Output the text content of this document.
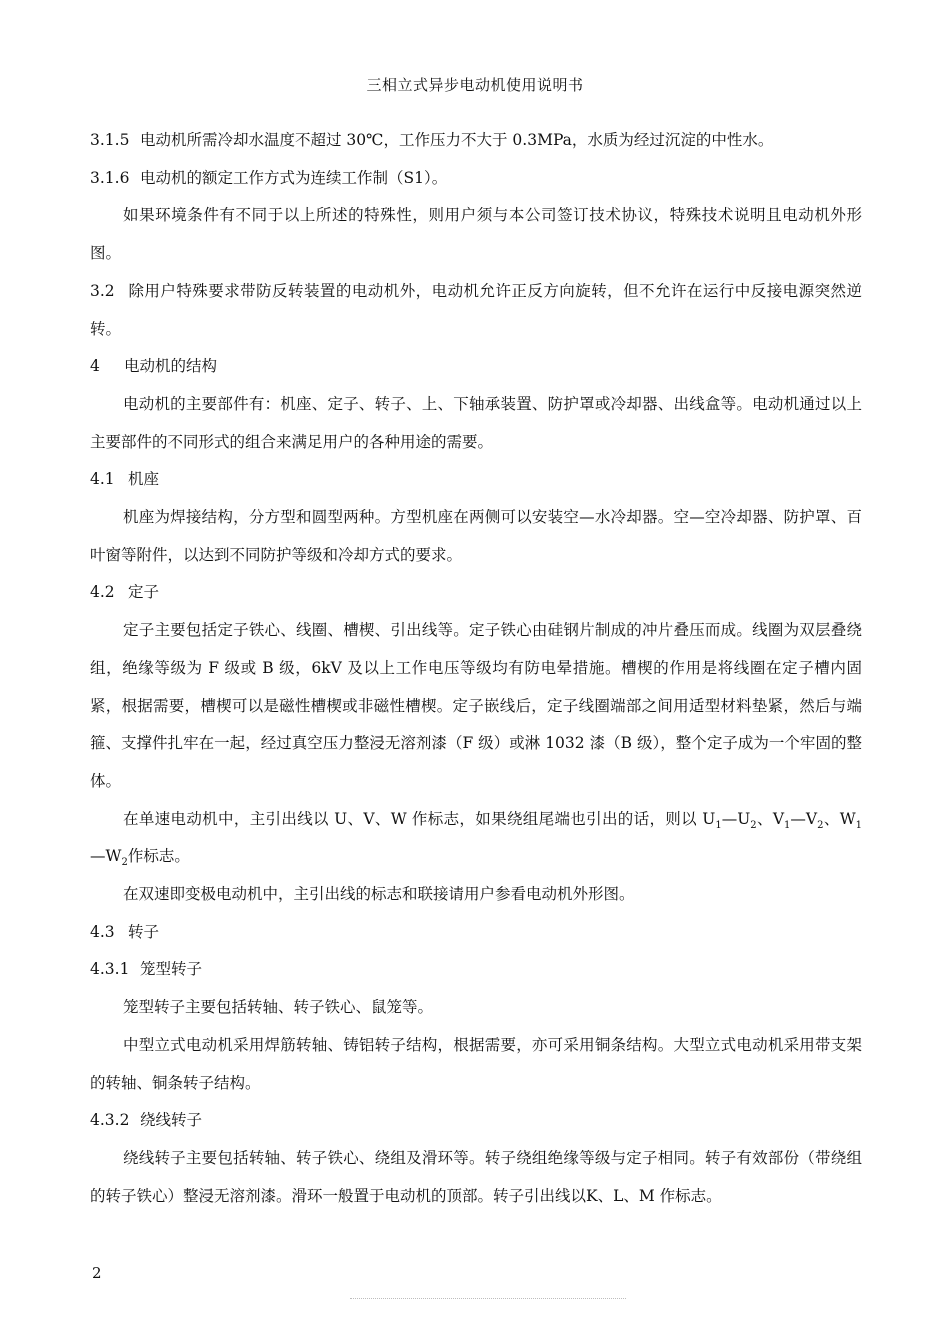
三相立式异步电动机使用说明书

3.1.5 电动机所需冷却水温度不超过 30℃，工作压力不大于 0.3MPa，水质为经过沉淀的中性水。

3.1.6 电动机的额定工作方式为连续工作制（S1）。

如果环境条件有不同于以上所述的特殊性，则用户须与本公司签订技术协议，特殊技术说明且电动机外形图。

3.2 除用户特殊要求带防反转装置的电动机外，电动机允许正反方向旋转，但不允许在运行中反接电源突然逆转。

4 电动机的结构

电动机的主要部件有：机座、定子、转子、上、下轴承装置、防护罩或冷却器、出线盒等。电动机通过以上主要部件的不同形式的组合来满足用户的各种用途的需要。

4.1 机座

机座为焊接结构，分方型和圆型两种。方型机座在两侧可以安装空—水冷却器。空—空冷却器、防护罩、百叶窗等附件，以达到不同防护等级和冷却方式的要求。

4.2 定子

定子主要包括定子铁心、线圈、槽楔、引出线等。定子铁心由硅钢片制成的冲片叠压而成。线圈为双层叠绕组，绝缘等级为 F 级或 B 级，6kV 及以上工作电压等级均有防电晕措施。槽楔的作用是将线圈在定子槽内固紧，根据需要，槽楔可以是磁性槽楔或非磁性槽楔。定子嵌线后，定子线圈端部之间用适型材料垫紧，然后与端箍、支撑件扎牢在一起，经过真空压力整浸无溶剂漆（F 级）或淋 1032 漆（B 级），整个定子成为一个牢固的整体。

在单速电动机中，主引出线以 U、V、W 作标志，如果绕组尾端也引出的话，则以 $U_1—U_2$、$V_1—V_2$、$W_1—W_2$作标志。

在双速即变极电动机中，主引出线的标志和联接请用户参看电动机外形图。

4.3 转子

4.3.1 笼型转子

笼型转子主要包括转轴、转子铁心、鼠笼等。

中型立式电动机采用焊筋转轴、铸铝转子结构，根据需要，亦可采用铜条结构。大型立式电动机采用带支架的转轴、铜条转子结构。

4.3.2 绕线转子

绕线转子主要包括转轴、转子铁心、绕组及滑环等。转子绕组绝缘等级与定子相同。转子有效部份（带绕组的转子铁心）整浸无溶剂漆。滑环一般置于电动机的顶部。转子引出线以K、L、M 作标志。

2
